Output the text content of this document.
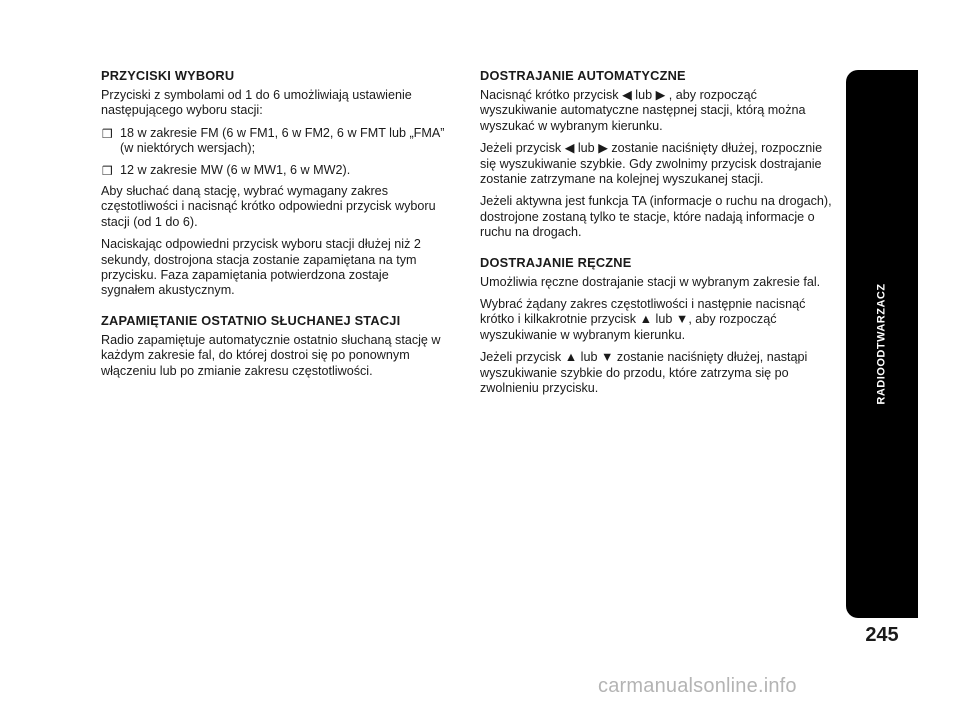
PRZYCISKI WYBORU

Przyciski z symbolami od 1 do 6 umożliwiają ustawienie następującego wyboru stacji:

❒ 18 w zakresie FM (6 w FM1, 6 w FM2, 6 w FMT lub „FMA” (w niektórych wersjach);
❒ 12 w zakresie MW (6 w MW1, 6 w MW2).

Aby słuchać daną stację, wybrać wymagany zakres częstotliwości i nacisnąć krótko odpowiedni przycisk wyboru stacji (od 1 do 6).

Naciskając odpowiedni przycisk wyboru stacji dłużej niż 2 sekundy, dostrojona stacja zostanie zapamiętana na tym przycisku. Faza zapamiętania potwierdzona zostaje sygnałem akustycznym.

ZAPAMIĘTANIE OSTATNIO SŁUCHANEJ STACJI

Radio zapamiętuje automatycznie ostatnio słuchaną stację w każdym zakresie fal, do której dostroi się po ponownym włączeniu lub po zmianie zakresu częstotliwości.

DOSTRAJANIE AUTOMATYCZNE

Nacisnąć krótko przycisk ◀ lub ▶ , aby rozpocząć wyszukiwanie automatyczne następnej stacji, którą można wyszukać w wybranym kierunku.

Jeżeli przycisk ◀ lub ▶ zostanie naciśnięty dłużej, rozpocznie się wyszukiwanie szybkie. Gdy zwolnimy przycisk dostrajanie zostanie zatrzymane na kolejnej wyszukanej stacji.

Jeżeli aktywna jest funkcja TA (informacje o ruchu na drogach), dostrojone zostaną tylko te stacje, które nadają informacje o ruchu na drogach.

DOSTRAJANIE RĘCZNE

Umożliwia ręczne dostrajanie stacji w wybranym zakresie fal.

Wybrać żądany zakres częstotliwości i następnie nacisnąć krótko i kilkakrotnie przycisk ▲ lub ▼, aby rozpocząć wyszukiwanie w wybranym kierunku.

Jeżeli przycisk ▲ lub ▼ zostanie naciśnięty dłużej, nastąpi wyszukiwanie szybkie do przodu, które zatrzyma się po zwolnieniu przycisku.	RADIOODTWARZACZ
245
carmanualsonline.info
